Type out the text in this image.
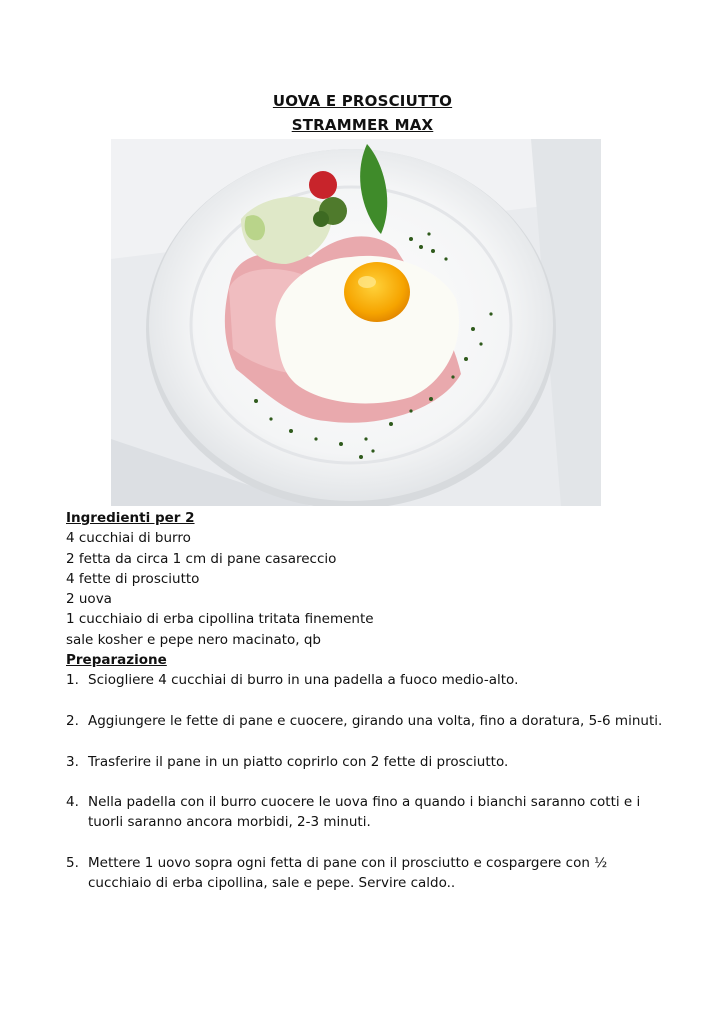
UOVA E PROSCIUTTO
STRAMMER MAX
Ingredienti per 2
4 cucchiai di burro
2 fetta da circa 1 cm di pane casareccio
4 fette di prosciutto
2 uova
1 cucchiaio di erba cipollina tritata finemente
sale kosher e pepe nero macinato, qb
Preparazione
1. Sciogliere 4 cucchiai di burro in una padella a fuoco medio-alto.
2. Aggiungere le fette di pane e cuocere, girando una volta, fino a doratura, 5-6 minuti.
3. Trasferire il pane in un piatto coprirlo con 2 fette di prosciutto.
4. Nella padella con il burro cuocere le uova fino a quando i bianchi saranno cotti e i tuorli saranno ancora morbidi, 2-3 minuti.
5. Mettere 1 uovo sopra ogni fetta di pane con il prosciutto e cospargere con ½ cucchiaio di erba cipollina, sale e pepe. Servire caldo..
